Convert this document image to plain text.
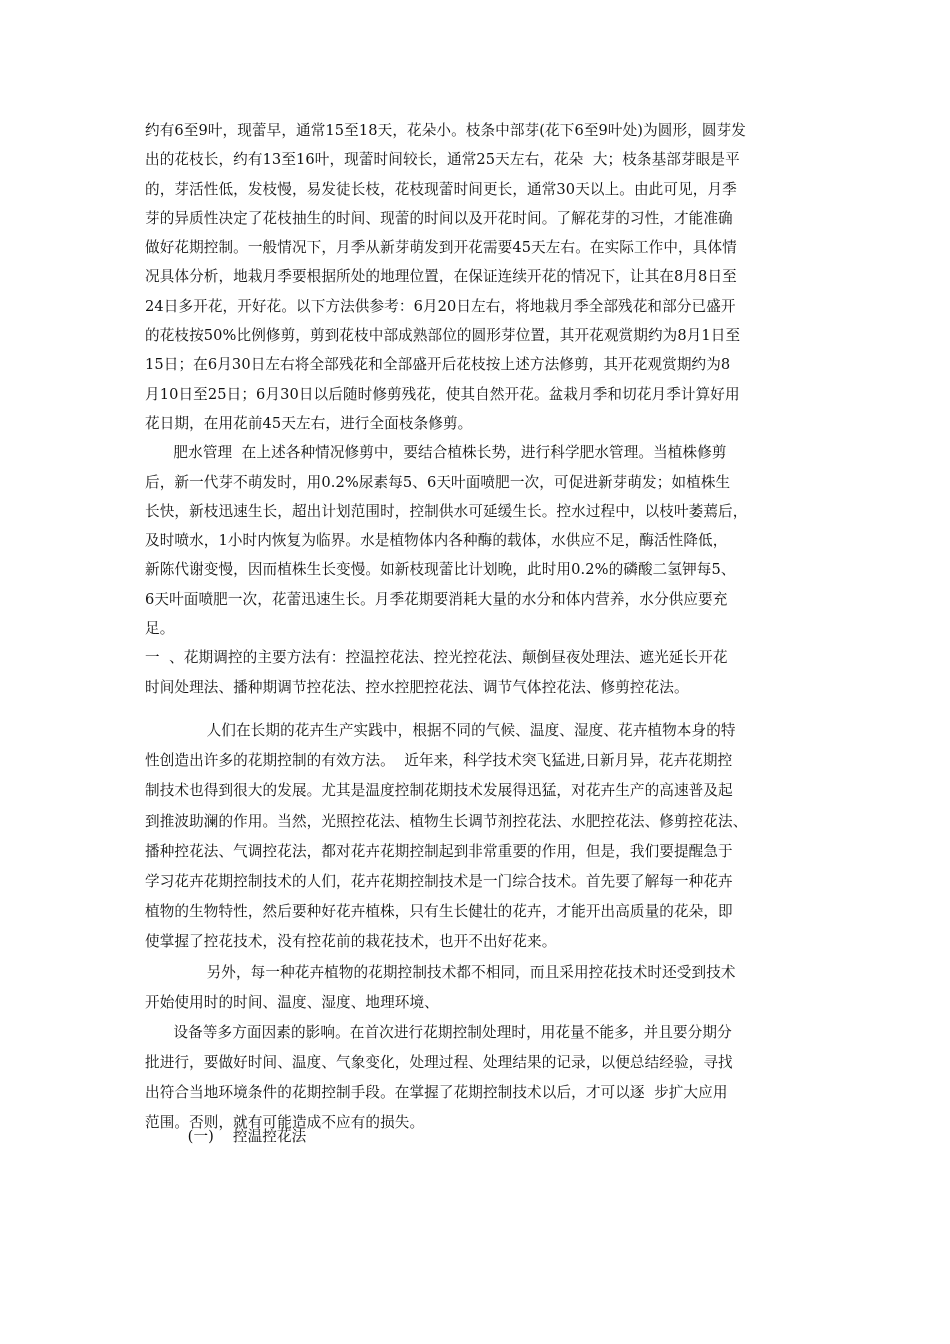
约有6至9叶，现蕾早，通常15至18天，花朵小。枝条中部芽(花下6至9叶处)为圆形，圆芽发
出的花枝长，约有13至16叶，现蕾时间较长，通常25天左右，花朵  大；枝条基部芽眼是平
的，芽活性低，发枝慢，易发徒长枝，花枝现蕾时间更长，通常30天以上。由此可见，月季
芽的异质性决定了花枝抽生的时间、现蕾的时间以及开花时间。了解花芽的习性，才能准确
做好花期控制。一般情况下，月季从新芽萌发到开花需要45天左右。在实际工作中，具体情
况具体分析，地栽月季要根据所处的地理位置，在保证连续开花的情况下，让其在8月8日至
24日多开花，开好花。以下方法供参考：6月20日左右，将地栽月季全部残花和部分已盛开
的花枝按50%比例修剪，剪到花枝中部成熟部位的圆形芽位置，其开花观赏期约为8月1日至
15日；在6月30日左右将全部残花和全部盛开后花枝按上述方法修剪，其开花观赏期约为8
月10日至25日；6月30日以后随时修剪残花，使其自然开花。盆栽月季和切花月季计算好用
花日期，在用花前45天左右，进行全面枝条修剪。
肥水管理  在上述各种情况修剪中，要结合植株长势，进行科学肥水管理。当植株修剪
后，新一代芽不萌发时，用0.2%尿素每5、6天叶面喷肥一次，可促进新芽萌发；如植株生
长快，新枝迅速生长，超出计划范围时，控制供水可延缓生长。控水过程中，以枝叶萎蔫后，
及时喷水，1小时内恢复为临界。水是植物体内各种酶的载体，水供应不足，酶活性降低，
新陈代谢变慢，因而植株生长变慢。如新枝现蕾比计划晚，此时用0.2%的磷酸二氢钾每5、
6天叶面喷肥一次，花蕾迅速生长。月季花期要消耗大量的水分和体内营养，水分供应要充
足。
一  、花期调控的主要方法有：控温控花法、控光控花法、颠倒昼夜处理法、遮光延长开花
时间处理法、播种期调节控花法、控水控肥控花法、调节气体控花法、修剪控花法。
人们在长期的花卉生产实践中，根据不同的气候、温度、湿度、花卉植物本身的特
性创造出许多的花期控制的有效方法。  近年来，科学技术突飞猛进,日新月异，花卉花期控
制技术也得到很大的发展。尤其是温度控制花期技术发展得迅猛，对花卉生产的高速普及起
到推波助澜的作用。当然，光照控花法、植物生长调节剂控花法、水肥控花法、修剪控花法、
播种控花法、气调控花法，都对花卉花期控制起到非常重要的作用，但是，我们要提醒急于
学习花卉花期控制技术的人们，花卉花期控制技术是一门综合技术。首先要了解每一种花卉
植物的生物特性，然后要种好花卉植株，只有生长健壮的花卉，才能开出高质量的花朵，即
使掌握了控花技术，没有控花前的栽花技术，也开不出好花来。
另外，每一种花卉植物的花期控制技术都不相同，而且采用控花技术时还受到技术
开始使用时的时间、温度、湿度、地理环境、
设备等多方面因素的影响。在首次进行花期控制处理时，用花量不能多，并且要分期分
批进行，要做好时间、温度、气象变化，处理过程、处理结果的记录，以便总结经验，寻找
出符合当地环境条件的花期控制手段。在掌握了花期控制技术以后，才可以逐  步扩大应用
范围。否则，就有可能造成不应有的损失。
(一)    控温控花法
